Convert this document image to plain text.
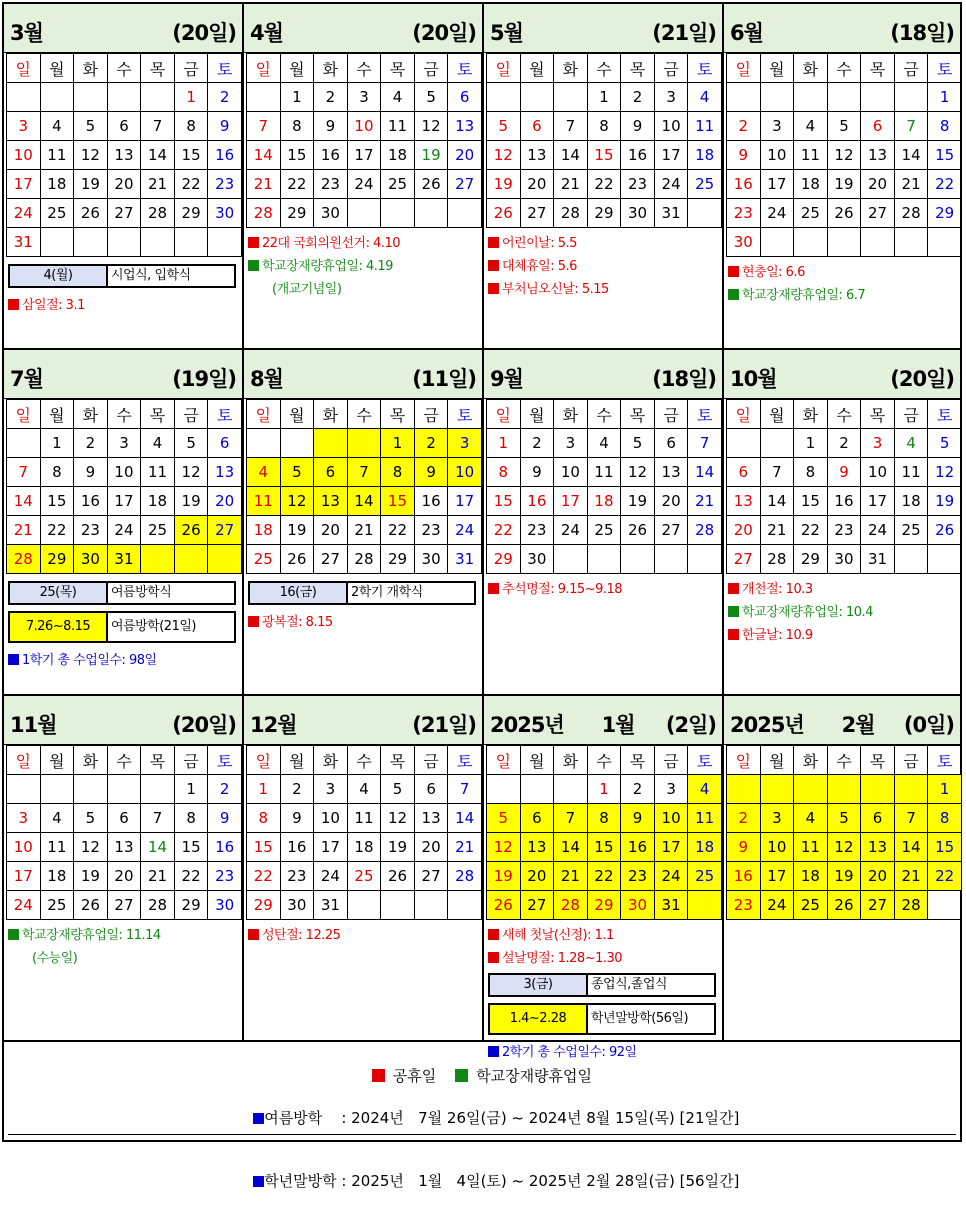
3월	(20일)
일	월	화	수	목	금	토
					1	2
3	4	5	6	7	8	9
10	11	12	13	14	15	16
17	18	19	20	21	22	23
24	25	26	27	28	29	30
31						
4(월)	시업식, 입학식
삼일절: 3.1
4월	(20일)
일	월	화	수	목	금	토
	1	2	3	4	5	6
7	8	9	10	11	12	13
14	15	16	17	18	19	20
21	22	23	24	25	26	27
28	29	30				
22대 국회의원선거: 4.10
학교장재량휴업일: 4.19
(개교기념일)
5월	(21일)
일	월	화	수	목	금	토
			1	2	3	4
5	6	7	8	9	10	11
12	13	14	15	16	17	18
19	20	21	22	23	24	25
26	27	28	29	30	31	
어린이날: 5.5
대체휴일: 5.6
부처님오신날: 5.15
6월	(18일)
일	월	화	수	목	금	토
						1
2	3	4	5	6	7	8
9	10	11	12	13	14	15
16	17	18	19	20	21	22
23	24	25	26	27	28	29
30						
현충일: 6.6
학교장재량휴업일: 6.7
7월	(19일)
일	월	화	수	목	금	토
	1	2	3	4	5	6
7	8	9	10	11	12	13
14	15	16	17	18	19	20
21	22	23	24	25	26	27
28	29	30	31			
25(목)	여름방학식
7.26~8.15	여름방학(21일)
1학기 총 수업일수: 98일
8월	(11일)
일	월	화	수	목	금	토
				1	2	3
4	5	6	7	8	9	10
11	12	13	14	15	16	17
18	19	20	21	22	23	24
25	26	27	28	29	30	31
16(금)	2학기 개학식
광복절: 8.15
9월	(18일)
일	월	화	수	목	금	토
1	2	3	4	5	6	7
8	9	10	11	12	13	14
15	16	17	18	19	20	21
22	23	24	25	26	27	28
29	30					
추석명절: 9.15~9.18
10월	(20일)
일	월	화	수	목	금	토
		1	2	3	4	5
6	7	8	9	10	11	12
13	14	15	16	17	18	19
20	21	22	23	24	25	26
27	28	29	30	31		
개천절: 10.3
학교장재량휴업일: 10.4
한글날: 10.9
11월	(20일)
일	월	화	수	목	금	토
					1	2
3	4	5	6	7	8	9
10	11	12	13	14	15	16
17	18	19	20	21	22	23
24	25	26	27	28	29	30
학교장재량휴업일: 11.14
(수능일)
12월	(21일)
일	월	화	수	목	금	토
1	2	3	4	5	6	7
8	9	10	11	12	13	14
15	16	17	18	19	20	21
22	23	24	25	26	27	28
29	30	31				
성탄절: 12.25
2025년      1월 (2일)
일	월	화	수	목	금	토
			1	2	3	4
5	6	7	8	9	10	11
12	13	14	15	16	17	18
19	20	21	22	23	24	25
26	27	28	29	30	31	
새해 첫날(신정): 1.1
설날명절: 1.28~1.30
3(금)	종업식,졸업식
1.4~2.28	학년말방학(56일)
2학기 총 수업일수: 92일
2025년      2월 (0일)
일	월	화	수	목	금	토
						1
2	3	4	5	6	7	8
9	10	11	12	13	14	15
16	17	18	19	20	21	22
23	24	25	26	27	28	
공휴일	학교장재량휴업일

여름방학    : 2024년   7월 26일(금) ~ 2024년 8월 15일(목) [21일간]

학년말방학 : 2025년   1월   4일(토) ~ 2025년 2월 28일(금) [56일간]
